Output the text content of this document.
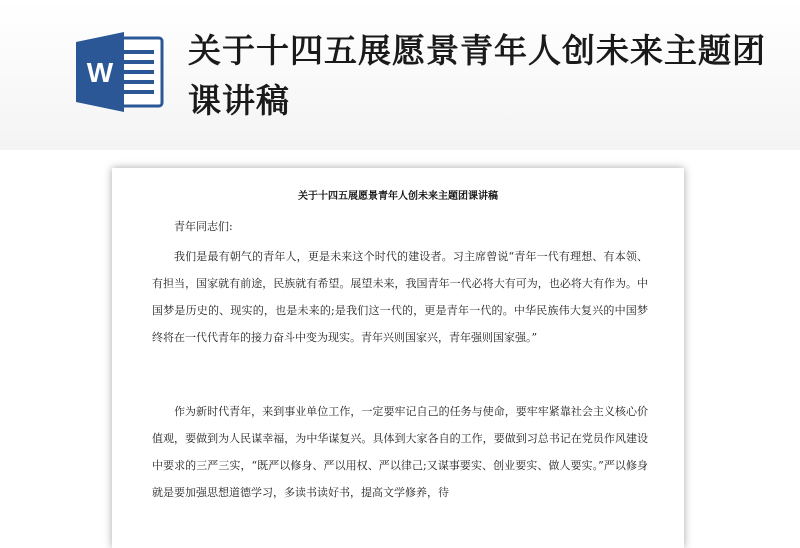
W
关于十四五展愿景青年人创未来主题团课讲稿
关于十四五展愿景青年人创未来主题团课讲稿

青年同志们:

我们是最有朝气的青年人，更是未来这个时代的建设者。习主席曾说“青年一代有理想、有本领、有担当，国家就有前途，民族就有希望。展望未来，我国青年一代必将大有可为，也必将大有作为。中国梦是历史的、现实的，也是未来的;是我们这一代的，更是青年一代的。中华民族伟大复兴的中国梦终将在一代代青年的接力奋斗中变为现实。青年兴则国家兴，青年强则国家强。”

作为新时代青年，来到事业单位工作，一定要牢记自己的任务与使命，要牢牢紧靠社会主义核心价值观，要做到为人民谋幸福，为中华谋复兴。具体到大家各自的工作，要做到习总书记在党员作风建设中要求的三严三实，“既严以修身、严以用权、严以律己;又谋事要实、创业要实、做人要实。”严以修身就是要加强思想道德学习，多读书读好书，提高文学修养，待
